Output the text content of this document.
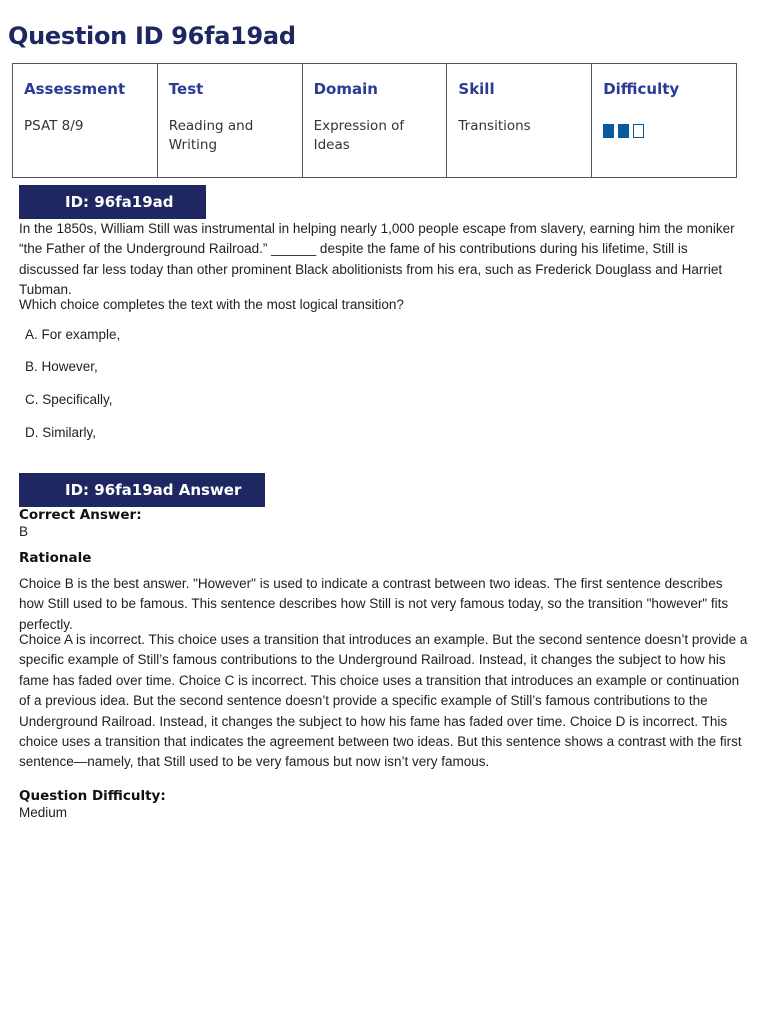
Question ID 96fa19ad
Assessment
PSAT 8/9
Test
Reading and
Writing
Domain
Expression of
Ideas
Skill
Transitions
Difficulty
ID: 96fa19ad
In the 1850s, William Still was instrumental in helping nearly 1,000 people escape from slavery, earning him the moniker “the Father of the Underground Railroad.” ______ despite the fame of his contributions during his lifetime, Still is discussed far less today than other prominent Black abolitionists from his era, such as Frederick Douglass and Harriet Tubman.
Which choice completes the text with the most logical transition?
A. For example,
B. However,
C. Specifically,
D. Similarly,
ID: 96fa19ad Answer
Correct Answer:
B
Rationale
Choice B is the best answer. "However" is used to indicate a contrast between two ideas. The first sentence describes how Still used to be famous. This sentence describes how Still is not very famous today, so the transition "however" fits perfectly.
Choice A is incorrect. This choice uses a transition that introduces an example. But the second sentence doesn’t provide a specific example of Still’s famous contributions to the Underground Railroad. Instead, it changes the subject to how his fame has faded over time. Choice C is incorrect. This choice uses a transition that introduces an example or continuation of a previous idea. But the second sentence doesn’t provide a specific example of Still’s famous contributions to the Underground Railroad. Instead, it changes the subject to how his fame has faded over time. Choice D is incorrect. This choice uses a transition that indicates the agreement between two ideas. But this sentence shows a contrast with the first sentence—namely, that Still used to be very famous but now isn’t very famous.
Question Difficulty:
Medium
